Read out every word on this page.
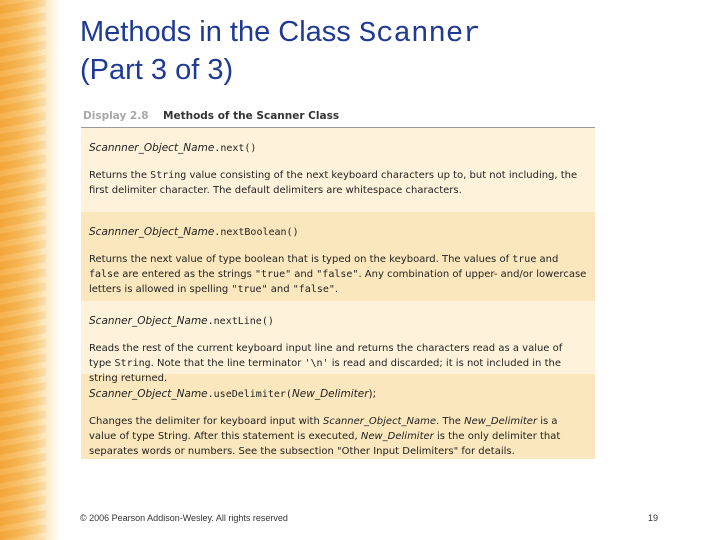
Methods in the Class Scanner
(Part 3 of 3)
Display 2.8	Methods of the Scanner Class
Scannner_Object_Name.next()
Returns the String value consisting of the next keyboard characters up to, but not including, the first delimiter character. The default delimiters are whitespace characters.
Scannner_Object_Name.nextBoolean()
Returns the next value of type boolean that is typed on the keyboard. The values of true and false are entered as the strings "true" and "false". Any combination of upper- and/or lowercase letters is allowed in spelling "true" and "false".
Scanner_Object_Name.nextLine()
Reads the rest of the current keyboard input line and returns the characters read as a value of type String. Note that the line terminator '\n' is read and discarded; it is not included in the string returned.
Scanner_Object_Name.useDelimiter(New_Delimiter);
Changes the delimiter for keyboard input with Scanner_Object_Name. The New_Delimiter is a value of type String. After this statement is executed, New_Delimiter is the only delimiter that separates words or numbers. See the subsection "Other Input Delimiters" for details.
© 2006 Pearson Addison-Wesley. All rights reserved	19
